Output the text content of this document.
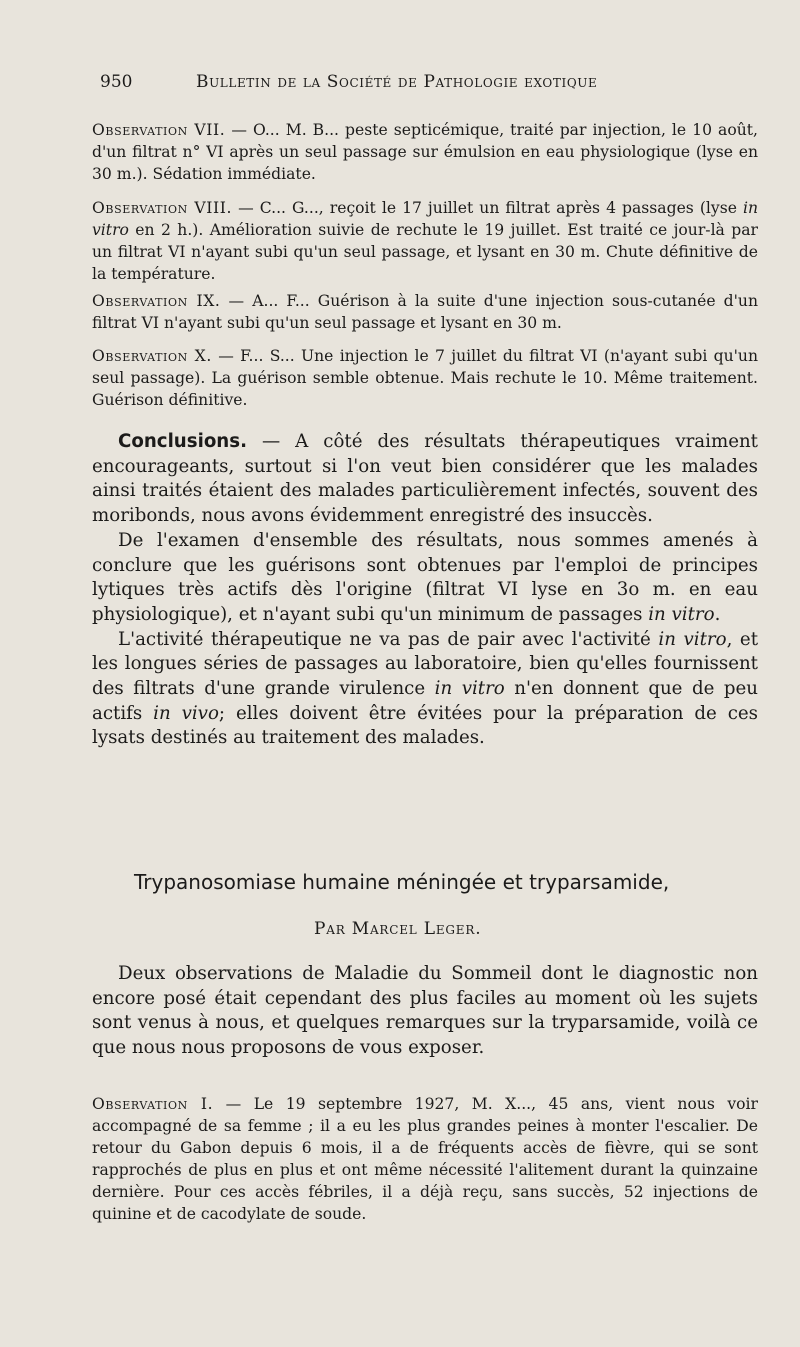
950	Bulletin de la Société de Pathologie exotique

Observation VII. — O... M. B... peste septicémique, traité par injection, le 10 août, d'un filtrat n° VI après un seul passage sur émulsion en eau physiologique (lyse en 30 m.). Sédation immédiate.

Observation VIII. — C... G..., reçoit le 17 juillet un filtrat après 4 passages (lyse in vitro en 2 h.). Amélioration suivie de rechute le 19 juillet. Est traité ce jour-là par un filtrat VI n'ayant subi qu'un seul passage, et lysant en 30 m. Chute définitive de la température.

Observation IX. — A... F... Guérison à la suite d'une injection sous-cutanée d'un filtrat VI n'ayant subi qu'un seul passage et lysant en 30 m.

Observation X. — F... S... Une injection le 7 juillet du filtrat VI (n'ayant subi qu'un seul passage). La guérison semble obtenue. Mais rechute le 10. Même traitement. Guérison définitive.

Conclusions. — A côté des résultats thérapeutiques vraiment encourageants, surtout si l'on veut bien considérer que les malades ainsi traités étaient des malades particulièrement infectés, souvent des moribonds, nous avons évidemment enregistré des insuccès.

De l'examen d'ensemble des résultats, nous sommes amenés à conclure que les guérisons sont obtenues par l'emploi de principes lytiques très actifs dès l'origine (filtrat VI lyse en 3o m. en eau physiologique), et n'ayant subi qu'un minimum de passages in vitro.

L'activité thérapeutique ne va pas de pair avec l'activité in vitro, et les longues séries de passages au laboratoire, bien qu'elles fournissent des filtrats d'une grande virulence in vitro n'en donnent que de peu actifs in vivo; elles doivent être évitées pour la préparation de ces lysats destinés au traitement des malades.

Trypanosomiase humaine méningée et tryparsamide,
Par Marcel Leger.

Deux observations de Maladie du Sommeil dont le diagnostic non encore posé était cependant des plus faciles au moment où les sujets sont venus à nous, et quelques remarques sur la tryparsamide, voilà ce que nous nous proposons de vous exposer.

Observation I. — Le 19 septembre 1927, M. X..., 45 ans, vient nous voir accompagné de sa femme ; il a eu les plus grandes peines à monter l'escalier. De retour du Gabon depuis 6 mois, il a de fréquents accès de fièvre, qui se sont rapprochés de plus en plus et ont même nécessité l'alitement durant la quinzaine dernière. Pour ces accès fébriles, il a déjà reçu, sans succès, 52 injections de quinine et de cacodylate de soude.
